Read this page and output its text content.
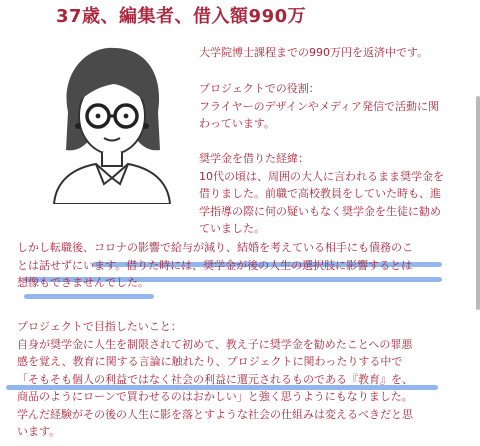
37歳、編集者、借入額990万
大学院博士課程までの990万円を返済中です。
プロジェクトでの役割：
フライヤーのデザインやメディア発信で活動に関
わっています。
奨学金を借りた経緯：
10代の頃は、周囲の大人に言われるまま奨学金を
借りました。前職で高校教員をしていた時も、進
学指導の際に何の疑いもなく奨学金を生徒に勧め
ていました。
しかし転職後、コロナの影響で給与が減り、結婚を考えている相手にも債務のこ
とは話せずにいます。借りた時には、奨学金が後の人生の選択肢に影響するとは
想像もできませんでした。
プロジェクトで目指したいこと：
自身が奨学金に人生を制限されて初めて、教え子に奨学金を勧めたことへの罪悪
感を覚え、教育に関する言論に触れたり、プロジェクトに関わったりする中で
「そもそも個人の利益ではなく社会の利益に還元されるものである『教育』を、
商品のようにローンで買わせるのはおかしい」と強く思うようにもなりました。
学んだ経験がその後の人生に影を落とすような社会の仕組みは変えるべきだと思
います。
